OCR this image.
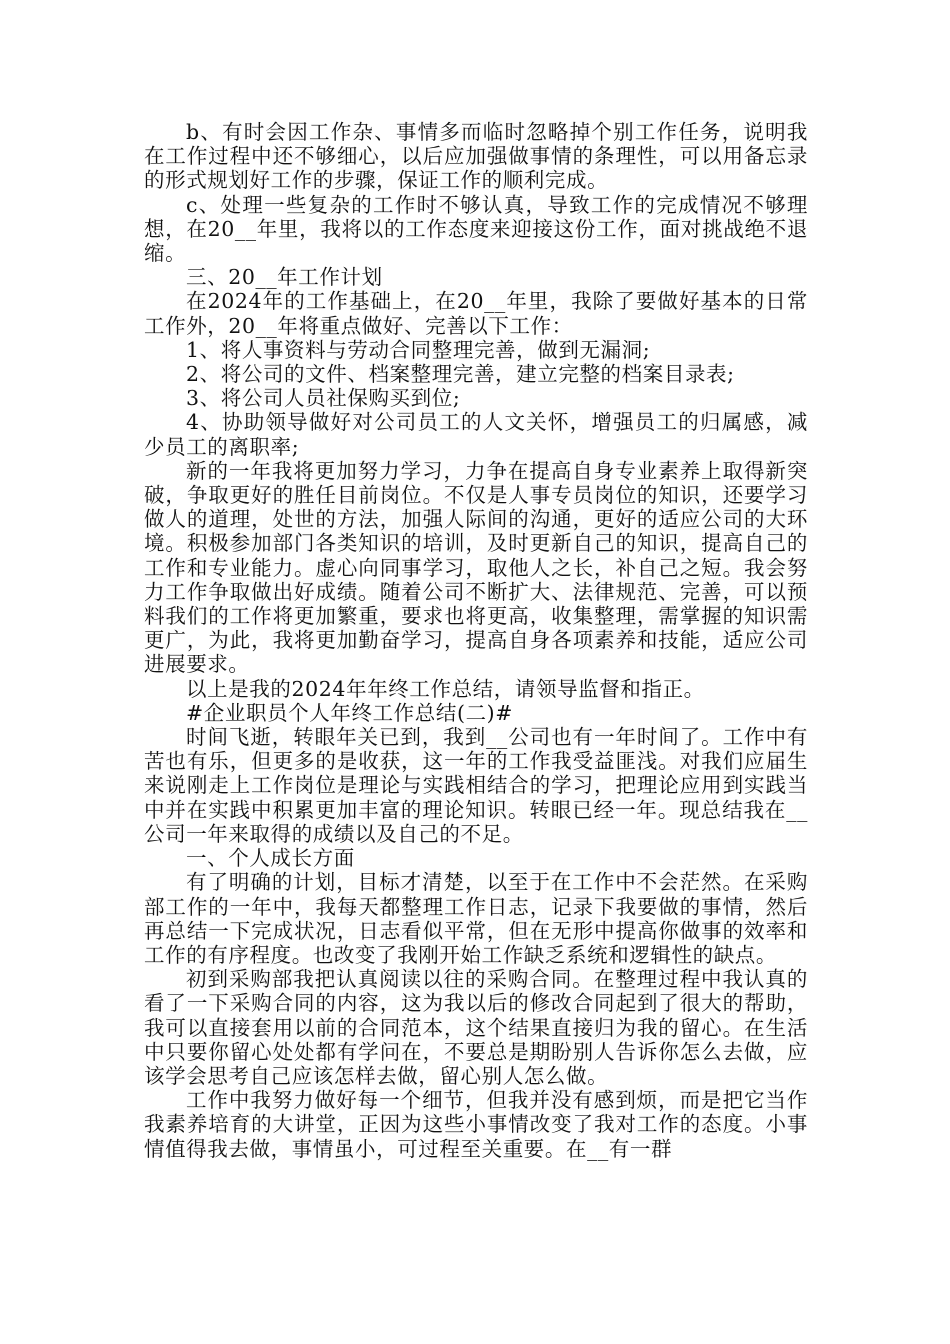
b、有时会因工作杂、事情多而临时忽略掉个别工作任务，说明我在工作过程中还不够细心，以后应加强做事情的条理性，可以用备忘录的形式规划好工作的步骤，保证工作的顺利完成。

c、处理一些复杂的工作时不够认真，导致工作的完成情况不够理想，在20__年里，我将以的工作态度来迎接这份工作，面对挑战绝不退缩。

三、20__年工作计划

在2024年的工作基础上，在20__年里，我除了要做好基本的日常工作外，20__年将重点做好、完善以下工作：

1、将人事资料与劳动合同整理完善，做到无漏洞;

2、将公司的文件、档案整理完善，建立完整的档案目录表;

3、将公司人员社保购买到位;

4、协助领导做好对公司员工的人文关怀，增强员工的归属感，减少员工的离职率;

新的一年我将更加努力学习，力争在提高自身专业素养上取得新突破，争取更好的胜任目前岗位。不仅是人事专员岗位的知识，还要学习做人的道理，处世的方法，加强人际间的沟通，更好的适应公司的大环境。积极参加部门各类知识的培训，及时更新自己的知识，提高自己的工作和专业能力。虚心向同事学习，取他人之长，补自己之短。我会努力工作争取做出好成绩。随着公司不断扩大、法律规范、完善，可以预料我们的工作将更加繁重，要求也将更高，收集整理，需掌握的知识需更广，为此，我将更加勤奋学习，提高自身各项素养和技能，适应公司进展要求。

以上是我的2024年年终工作总结，请领导监督和指正。

#企业职员个人年终工作总结(二)#

时间飞逝，转眼年关已到，我到__公司也有一年时间了。工作中有苦也有乐，但更多的是收获，这一年的工作我受益匪浅。对我们应届生来说刚走上工作岗位是理论与实践相结合的学习，把理论应用到实践当中并在实践中积累更加丰富的理论知识。转眼已经一年。现总结我在__公司一年来取得的成绩以及自己的不足。

一、个人成长方面

有了明确的计划，目标才清楚，以至于在工作中不会茫然。在采购部工作的一年中，我每天都整理工作日志，记录下我要做的事情，然后再总结一下完成状况，日志看似平常，但在无形中提高你做事的效率和工作的有序程度。也改变了我刚开始工作缺乏系统和逻辑性的缺点。

初到采购部我把认真阅读以往的采购合同。在整理过程中我认真的看了一下采购合同的内容，这为我以后的修改合同起到了很大的帮助，我可以直接套用以前的合同范本，这个结果直接归为我的留心。在生活中只要你留心处处都有学问在，不要总是期盼别人告诉你怎么去做，应该学会思考自己应该怎样去做，留心别人怎么做。

工作中我努力做好每一个细节，但我并没有感到烦，而是把它当作我素养培育的大讲堂，正因为这些小事情改变了我对工作的态度。小事情值得我去做，事情虽小，可过程至关重要。在__有一群
